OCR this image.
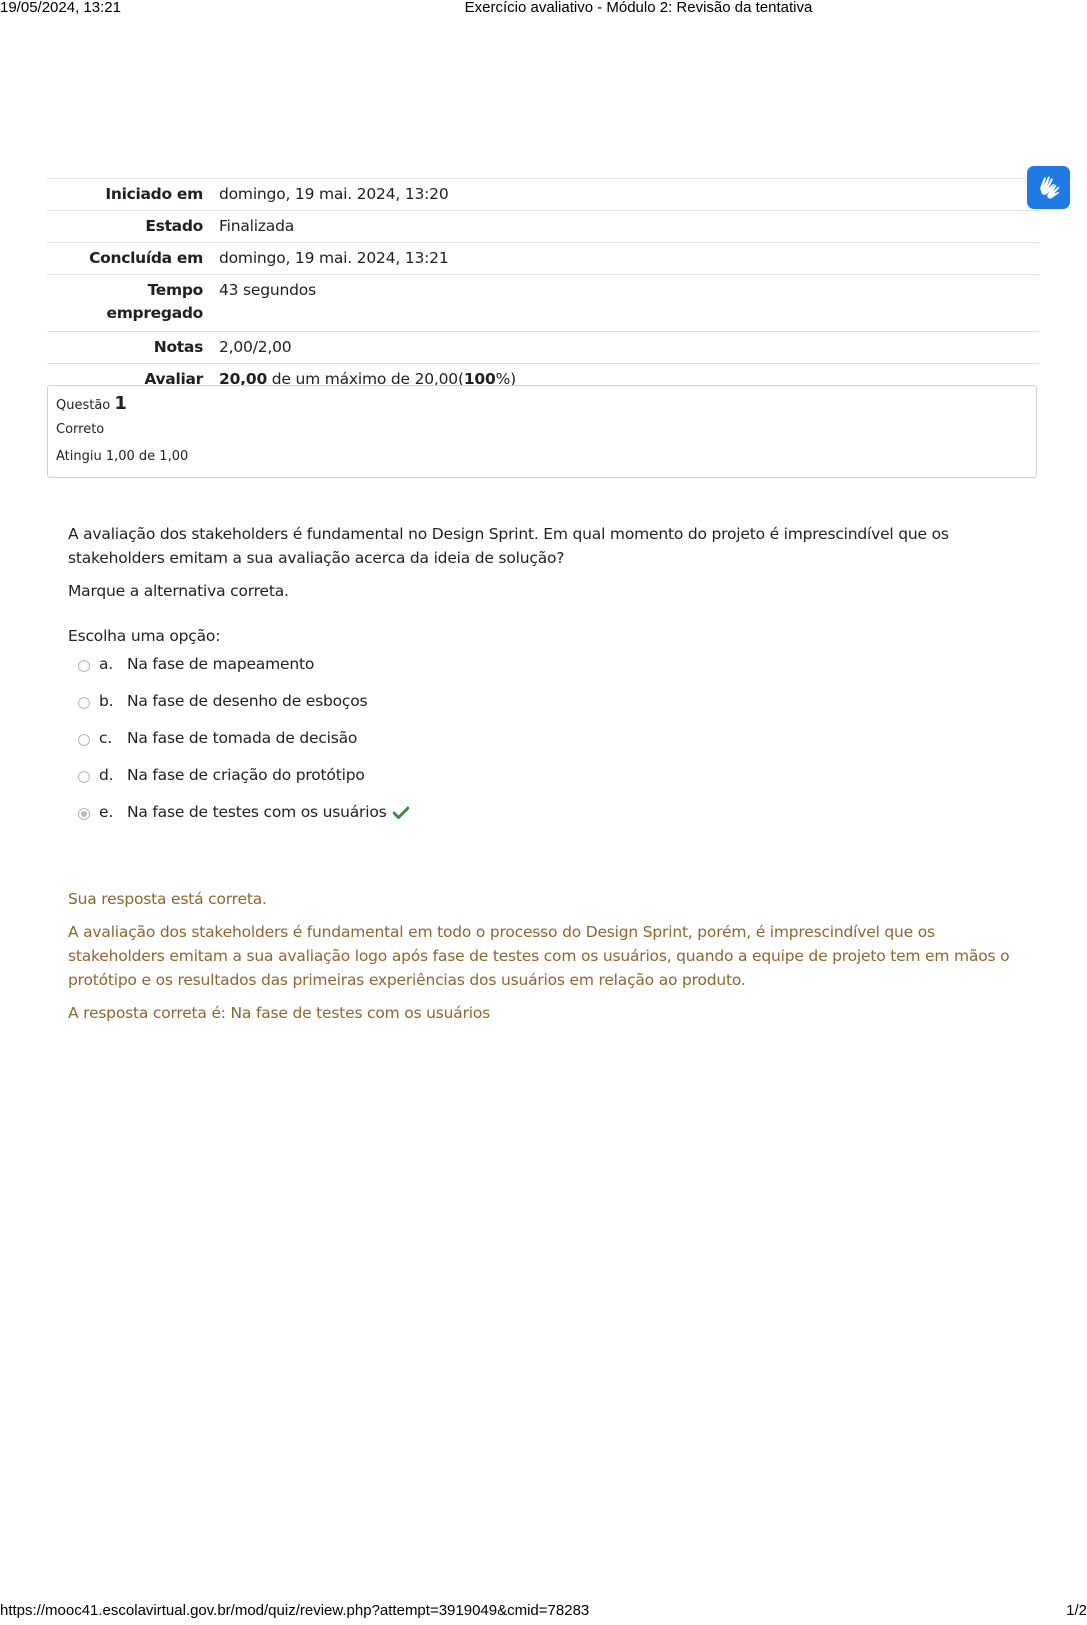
19/05/2024, 13:21	Exercício avaliativo - Módulo 2: Revisão da tentativa
Iniciado em	domingo, 19 mai. 2024, 13:20
Estado	Finalizada
Concluída em	domingo, 19 mai. 2024, 13:21
Tempo
empregado	43 segundos
Notas	2,00/2,00
Avaliar	20,00 de um máximo de 20,00(100%)
Questão 1
Correto
Atingiu 1,00 de 1,00

A avaliação dos stakeholders é fundamental no Design Sprint. Em qual momento do projeto é imprescindível que os stakeholders emitam a sua avaliação acerca da ideia de solução?

Marque a alternativa correta.

Escolha uma opção:
a. Na fase de mapeamento
b. Na fase de desenho de esboços
c. Na fase de tomada de decisão
d. Na fase de criação do protótipo
e. Na fase de testes com os usuários

Sua resposta está correta.

A avaliação dos stakeholders é fundamental em todo o processo do Design Sprint, porém, é imprescindível que os stakeholders emitam a sua avaliação logo após fase de testes com os usuários, quando a equipe de projeto tem em mãos o protótipo e os resultados das primeiras experiências dos usuários em relação ao produto.

A resposta correta é: Na fase de testes com os usuários

https://mooc41.escolavirtual.gov.br/mod/quiz/review.php?attempt=3919049&cmid=78283	1/2
